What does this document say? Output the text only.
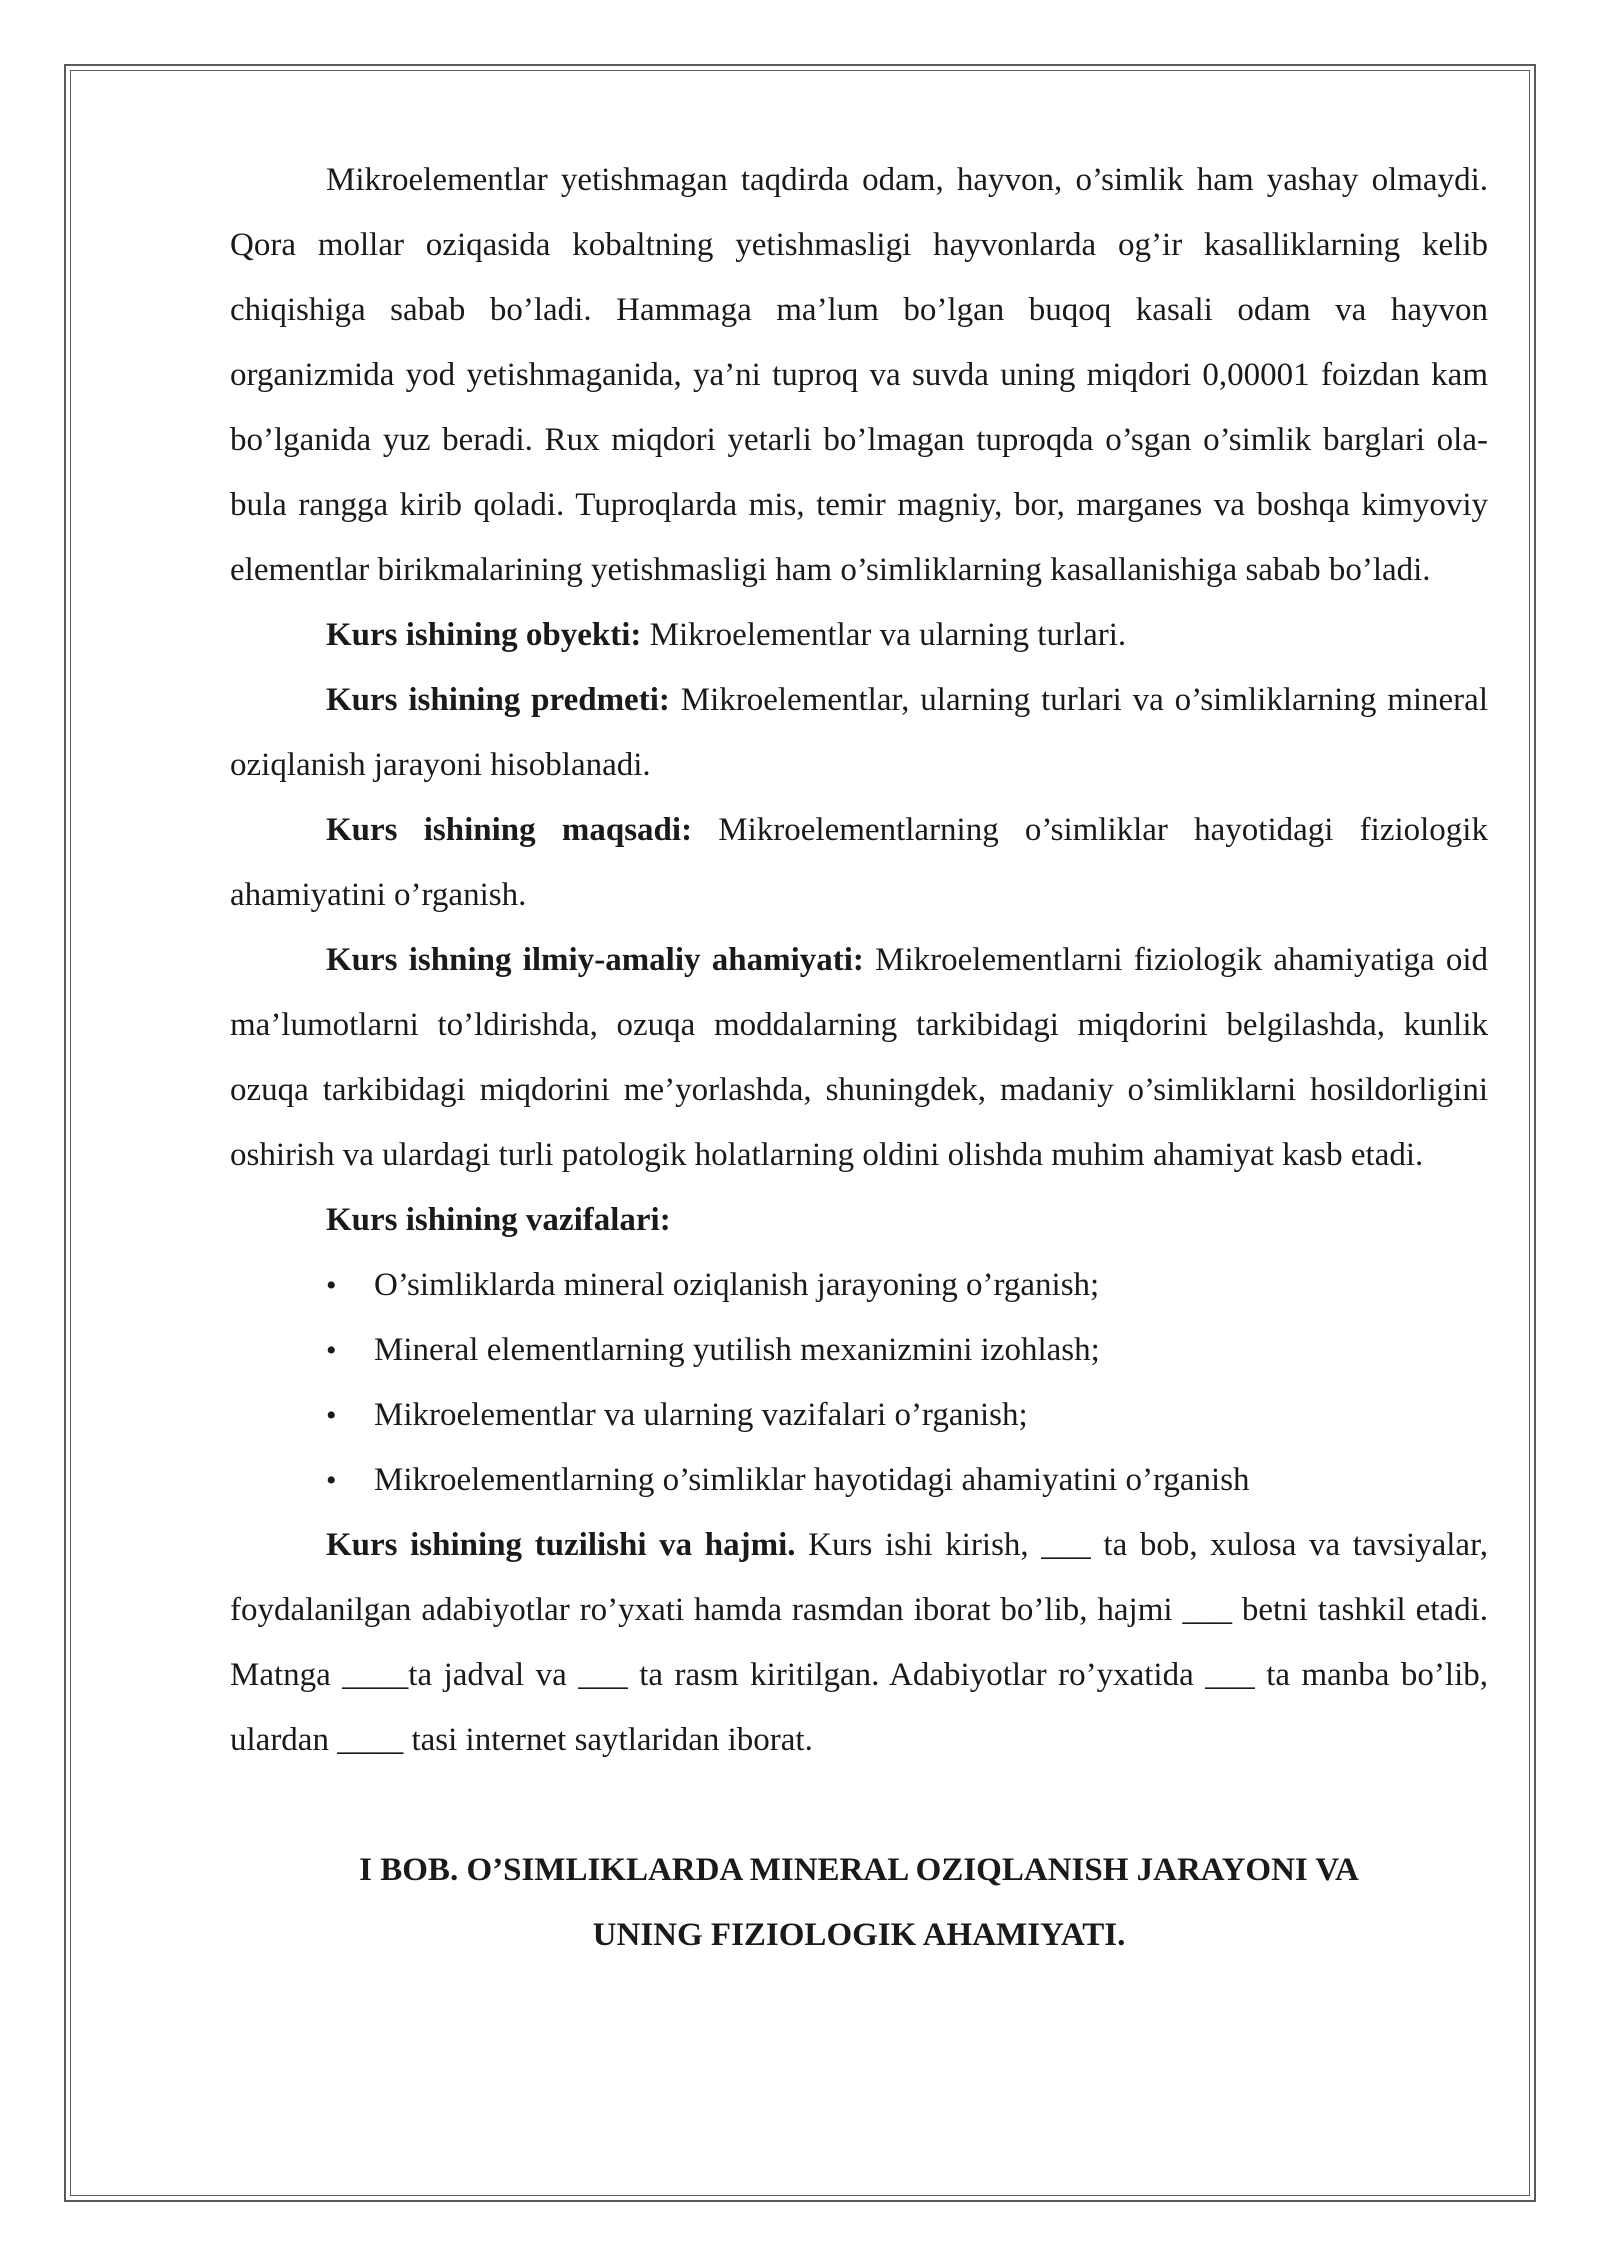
Mikroelementlar yetishmagan taqdirda odam, hayvon, o’simlik ham yashay olmaydi. Qora mollar oziqasida kobaltning yetishmasligi hayvonlarda og’ir kasalliklarning kelib chiqishiga sabab bo’ladi. Hammaga ma’lum bo’lgan buqoq kasali odam va hayvon organizmida yod yetishmaganida, ya’ni tuproq va suvda uning miqdori 0,00001 foizdan kam bo’lganida yuz beradi. Rux miqdori yetarli bo’lmagan tuproqda o’sgan o’simlik barglari ola-bula rangga kirib qoladi. Tuproqlarda mis, temir magniy, bor, marganes va boshqa kimyoviy elementlar birikmalarining yetishmasligi ham o’simliklarning kasallanishiga sabab bo’ladi.

Kurs ishining obyekti: Mikroelementlar va ularning turlari.

Kurs ishining predmeti: Mikroelementlar, ularning turlari va o’simliklarning mineral oziqlanish jarayoni hisoblanadi.

Kurs ishining maqsadi: Mikroelementlarning o’simliklar hayotidagi fiziologik ahamiyatini o’rganish.

Kurs ishning ilmiy-amaliy ahamiyati: Mikroelementlarni fiziologik ahamiyatiga oid ma’lumotlarni to’ldirishda, ozuqa moddalarning tarkibidagi miqdorini belgilashda, kunlik ozuqa tarkibidagi miqdorini me’yorlashda, shuningdek, madaniy o’simliklarni hosildorligini oshirish va ulardagi turli patologik holatlarning oldini olishda muhim ahamiyat kasb etadi.

Kurs ishining vazifalari:

• O’simliklarda mineral oziqlanish jarayoning o’rganish;
• Mineral elementlarning yutilish mexanizmini izohlash;
• Mikroelementlar va ularning vazifalari o’rganish;
• Mikroelementlarning o’simliklar hayotidagi ahamiyatini o’rganish

Kurs ishining tuzilishi va hajmi. Kurs ishi kirish, ___ ta bob, xulosa va tavsiyalar, foydalanilgan adabiyotlar ro’yxati hamda rasmdan iborat bo’lib, hajmi ___ betni tashkil etadi. Matnga ____ta jadval va ___ ta rasm kiritilgan. Adabiyotlar ro’yxatida ___ ta manba bo’lib, ulardan ____ tasi internet saytlaridan iborat.

I BOB. O’SIMLIKLARDA MINERAL OZIQLANISH JARAYONI VA
UNING FIZIOLOGIK AHAMIYATI.
